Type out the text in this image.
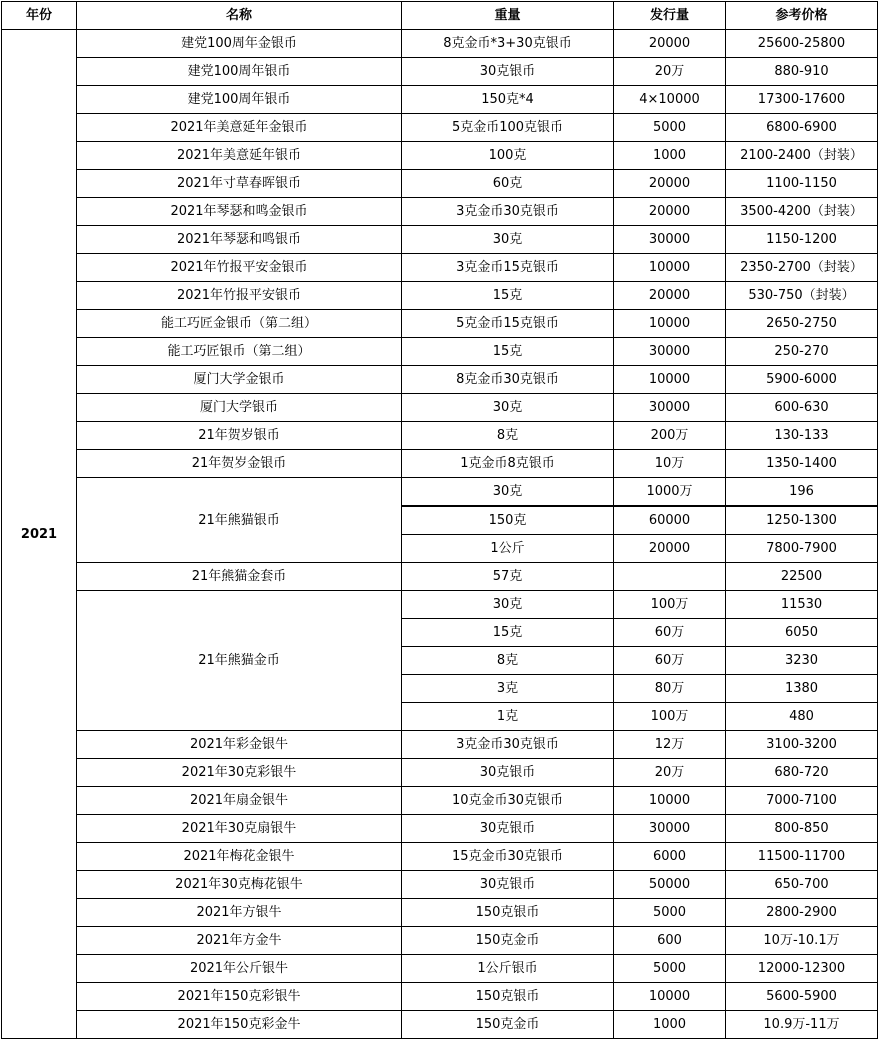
年份	名称	重量	发行量	参考价格
2021	建党100周年金银币	8克金币*3+30克银币	20000	25600-25800
	建党100周年银币	30克银币	20万	880-910
	建党100周年银币	150克*4	4×10000	17300-17600
	2021年美意延年金银币	5克金币100克银币	5000	6800-6900
	2021年美意延年银币	100克	1000	2100-2400（封装）
	2021年寸草春晖银币	60克	20000	1100-1150
	2021年琴瑟和鸣金银币	3克金币30克银币	20000	3500-4200（封装）
	2021年琴瑟和鸣银币	30克	30000	1150-1200
	2021年竹报平安金银币	3克金币15克银币	10000	2350-2700（封装）
	2021年竹报平安银币	15克	20000	530-750（封装）
	能工巧匠金银币（第二组）	5克金币15克银币	10000	2650-2750
	能工巧匠银币（第二组）	15克	30000	250-270
	厦门大学金银币	8克金币30克银币	10000	5900-6000
	厦门大学银币	30克	30000	600-630
	21年贺岁银币	8克	200万	130-133
	21年贺岁金银币	1克金币8克银币	10万	1350-1400
	21年熊猫银币	30克	1000万	196
		150克	60000	1250-1300
		1公斤	20000	7800-7900
	21年熊猫金套币	57克		22500
	21年熊猫金币	30克	100万	11530
		15克	60万	6050
		8克	60万	3230
		3克	80万	1380
		1克	100万	480
	2021年彩金银牛	3克金币30克银币	12万	3100-3200
	2021年30克彩银牛	30克银币	20万	680-720
	2021年扇金银牛	10克金币30克银币	10000	7000-7100
	2021年30克扇银牛	30克银币	30000	800-850
	2021年梅花金银牛	15克金币30克银币	6000	11500-11700
	2021年30克梅花银牛	30克银币	50000	650-700
	2021年方银牛	150克银币	5000	2800-2900
	2021年方金牛	150克金币	600	10万-10.1万
	2021年公斤银牛	1公斤银币	5000	12000-12300
	2021年150克彩银牛	150克银币	10000	5600-5900
	2021年150克彩金牛	150克金币	1000	10.9万-11万
